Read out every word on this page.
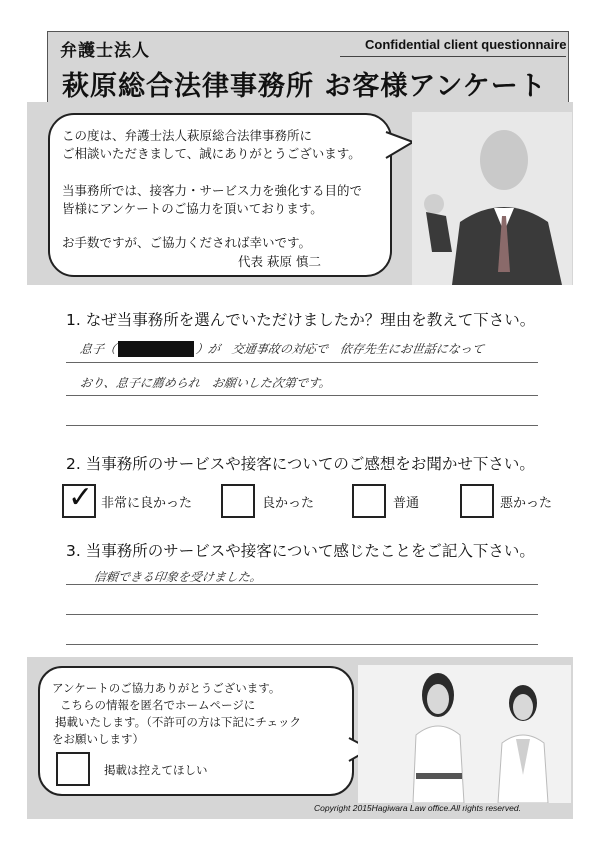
弁護士法人	Confidential client questionnaire
萩原総合法律事務所 お客様アンケート
この度は、弁護士法人萩原総合法律事務所に
ご相談いただきまして、誠にありがとうございます。
当事務所では、接客力・サービス力を強化する目的で
皆様にアンケートのご協力を頂いております。
お手数ですが、ご協力くだされば幸いです。
代表 萩原 慎二
1. なぜ当事務所を選んでいただけましたか？理由を教えて下さい。
息子（	）が　交通事故の対応で　依存先生にお世話になって
おり、息子に薦められ　お願いした次第です。
2. 当事務所のサービスや接客についてのご感想をお聞かせ下さい。
✓ 非常に良かった	良かった	普通	悪かった
3. 当事務所のサービスや接客について感じたことをご記入下さい。
信頼できる印象を受けました。
アンケートのご協力ありがとうございます。
こちらの情報を匿名でホームページに
掲載いたします。（不許可の方は下記にチェック
をお願いします）
掲載は控えてほしい
Copyright 2015Hagiwara Law office.All rights reserved.
